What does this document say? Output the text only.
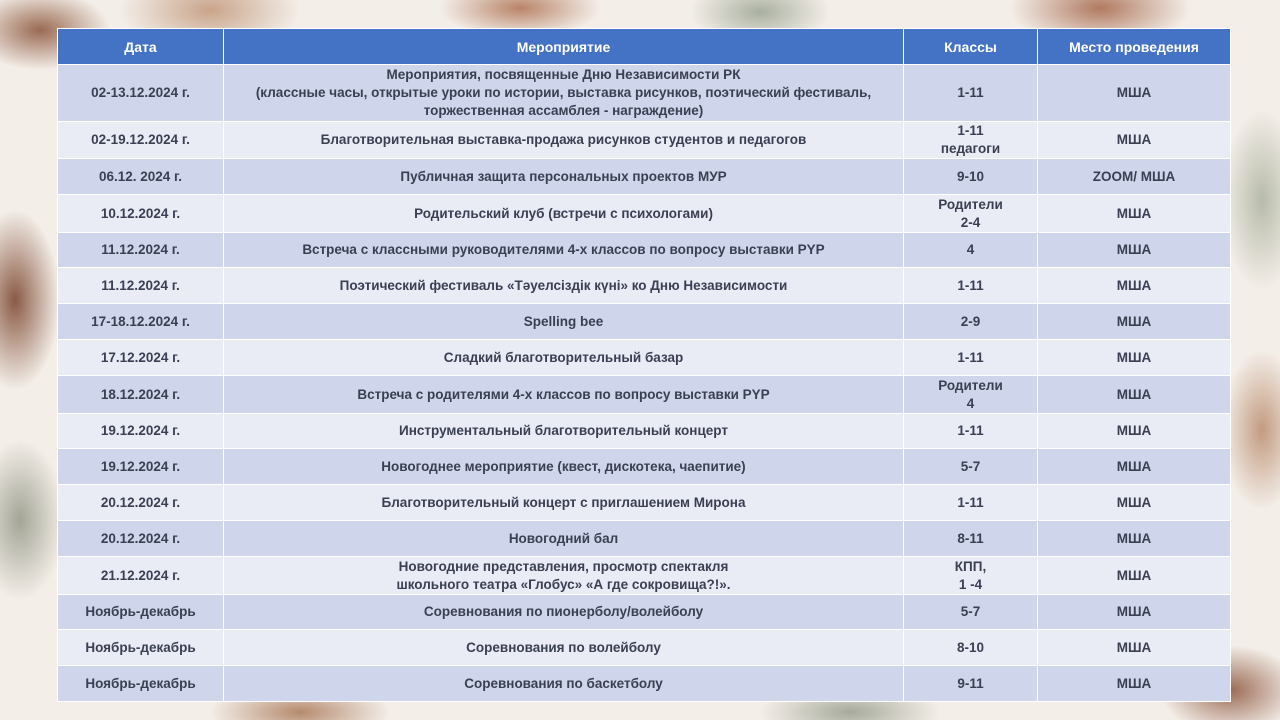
Дата	Мероприятие	Классы	Место проведения
02-13.12.2024 г.	Мероприятия, посвященные Дню Независимости РК
(классные часы, открытые уроки по истории, выставка рисунков, поэтический фестиваль,
торжественная ассамблея - награждение)	1-11	МША
02-19.12.2024 г.	Благотворительная выставка-продажа рисунков студентов и педагогов	1-11
педагоги	МША
06.12. 2024 г.	Публичная защита персональных проектов МУР	9-10	ZOOM/ МША
10.12.2024 г.	Родительский клуб (встречи с психологами)	Родители
2-4	МША
11.12.2024 г.	Встреча с классными руководителями 4-х классов по вопросу выставки PYP	4	МША
11.12.2024 г.	Поэтический фестиваль «Тәуелсіздік күні» ко Дню Независимости	1-11	МША
17-18.12.2024 г.	Spelling bee	2-9	МША
17.12.2024 г.	Сладкий благотворительный базар	1-11	МША
18.12.2024 г.	Встреча с родителями 4-х классов по вопросу выставки PYP	Родители
4	МША
19.12.2024 г.	Инструментальный благотворительный концерт	1-11	МША
19.12.2024 г.	Новогоднее мероприятие (квест, дискотека, чаепитие)	5-7	МША
20.12.2024 г.	Благотворительный концерт с приглашением Мирона	1-11	МША
20.12.2024 г.	Новогодний бал	8-11	МША
21.12.2024 г.	Новогодние представления, просмотр спектакля
школьного театра «Глобус» «А где сокровища?!».	КПП,
1 -4	МША
Ноябрь-декабрь	Соревнования по пионерболу/волейболу	5-7	МША
Ноябрь-декабрь	Соревнования по волейболу	8-10	МША
Ноябрь-декабрь	Соревнования по баскетболу	9-11	МША
